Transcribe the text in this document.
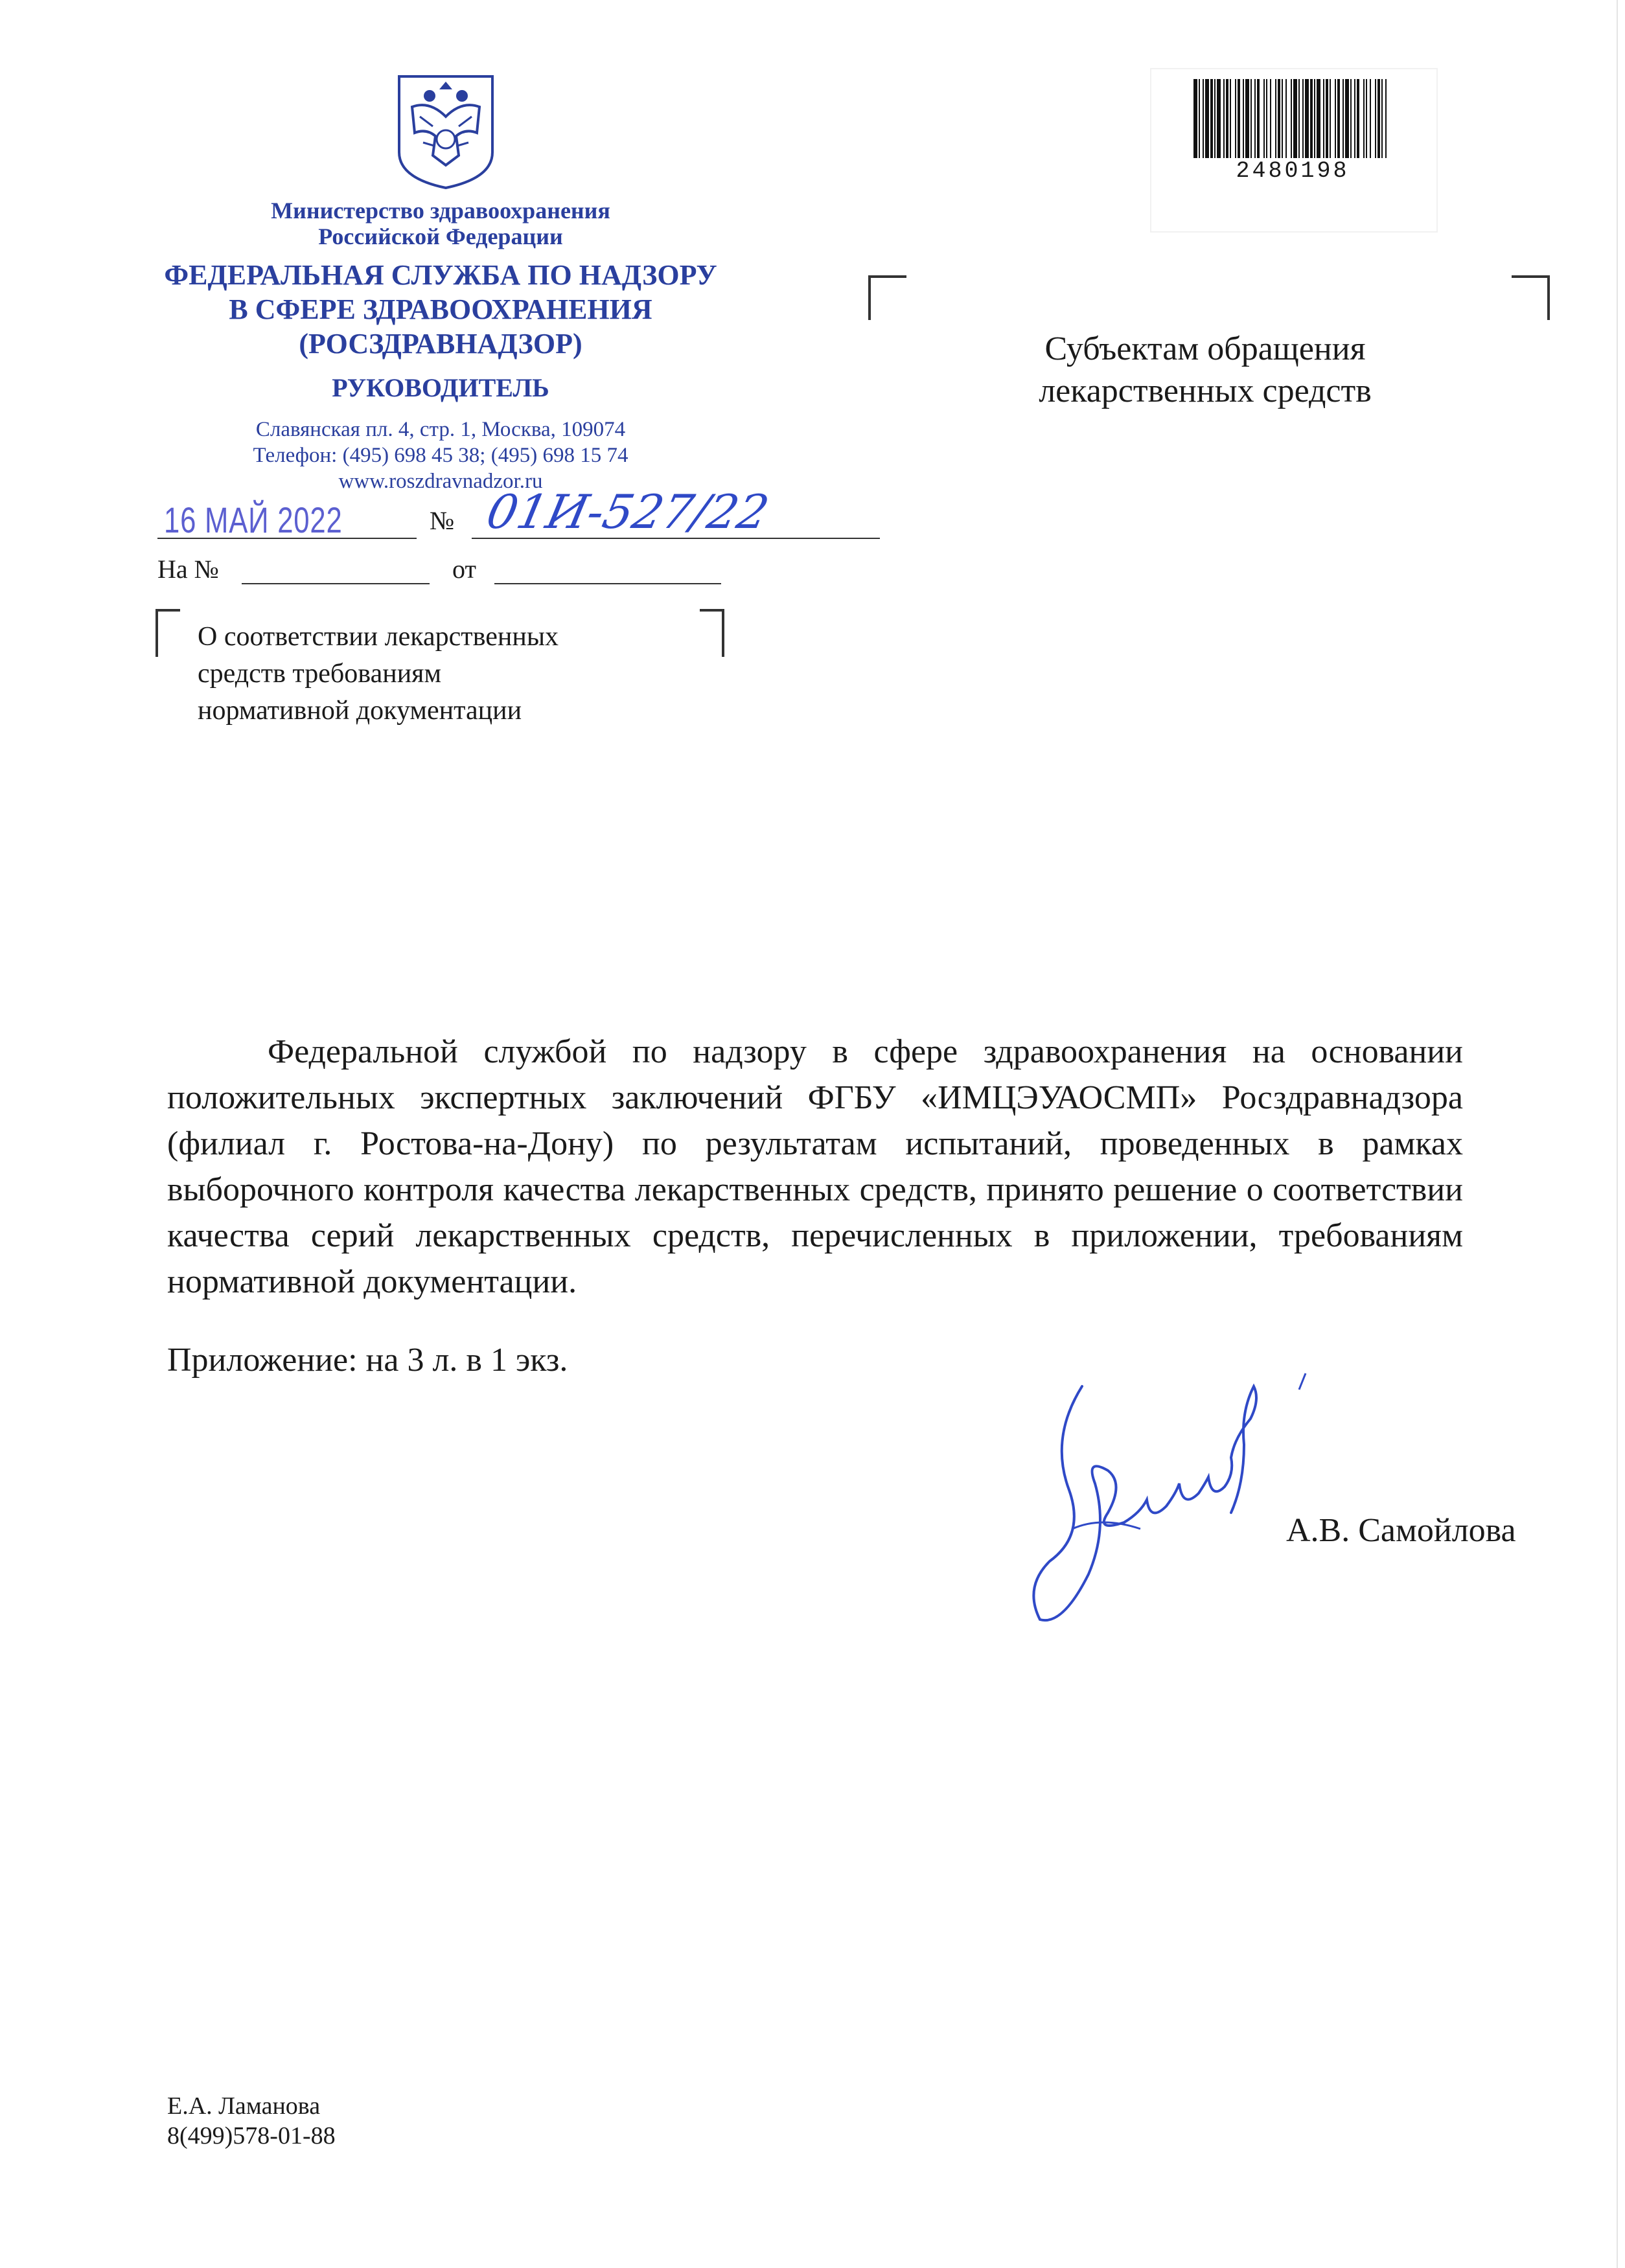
Министерство здравоохранения
Российской Федерации
ФЕДЕРАЛЬНАЯ СЛУЖБА ПО НАДЗОРУ
В СФЕРЕ ЗДРАВООХРАНЕНИЯ
(РОСЗДРАВНАДЗОР)
РУКОВОДИТЕЛЬ
Славянская пл. 4, стр. 1, Москва, 109074
Телефон: (495) 698 45 38; (495) 698 15 74
www.roszdravnadzor.ru
16 МАЙ 2022	№ 01И-527/22
На №	от
О соответствии лекарственных
средств требованиям
нормативной документации
Субъектам обращения
лекарственных средств
2480198
Федеральной службой по надзору в сфере здравоохранения на основании положительных экспертных заключений ФГБУ «ИМЦЭУАОСМП» Росздравнадзора (филиал г. Ростова-на-Дону) по результатам испытаний, проведенных в рамках выборочного контроля качества лекарственных средств, принято решение о соответствии качества серий лекарственных средств, перечисленных в приложении, требованиям нормативной документации.
Приложение: на 3 л. в 1 экз.
А.В. Самойлова
Е.А. Ламанова
8(499)578-01-88
